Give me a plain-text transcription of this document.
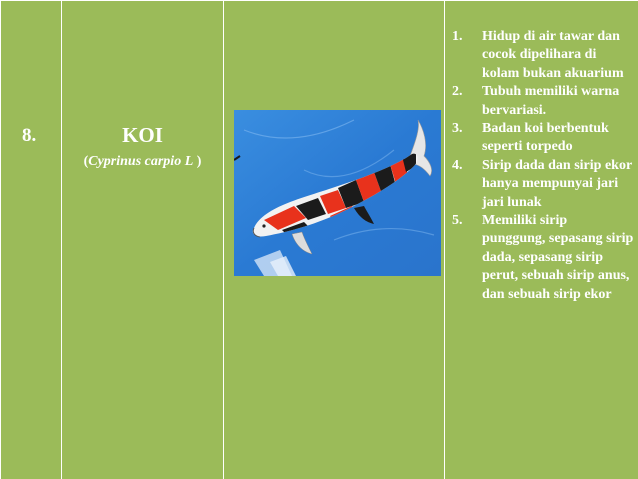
8.	KOI
(Cyprinus carpio L )
1. Hidup di air tawar dan cocok dipelihara di kolam bukan akuarium
2. Tubuh memiliki warna bervariasi.
3. Badan koi berbentuk seperti torpedo
4. Sirip dada dan sirip ekor hanya mempunyai jari jari lunak
5. Memiliki sirip punggung, sepasang sirip dada, sepasang sirip perut, sebuah sirip anus, dan sebuah sirip ekor
